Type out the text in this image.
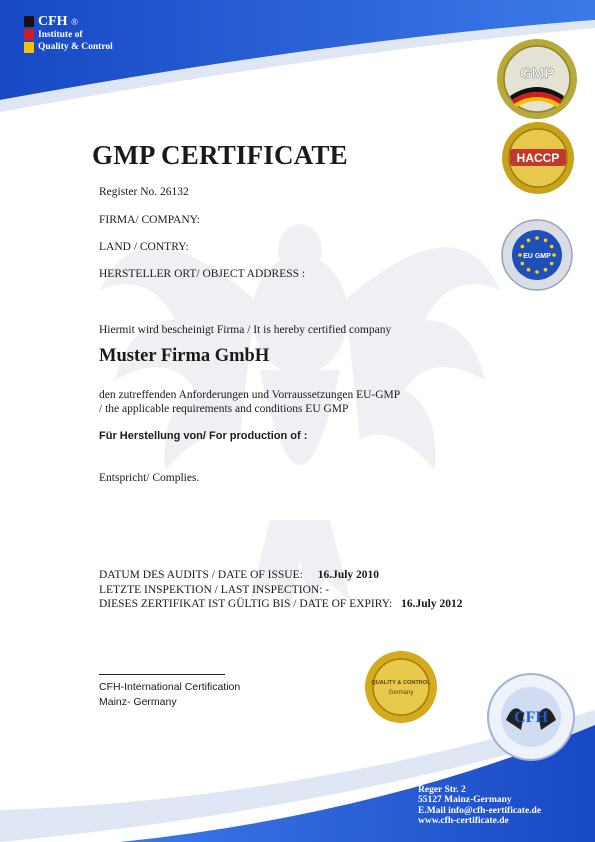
CFH ®
Institute of
Quality & Control
GMP
HACCP
EU GMP
QUALITY & CONTROL
Germany
CFH
GMP CERTIFICATE
Register No. 26132
FIRMA/ COMPANY:
LAND / CONTRY:
HERSTELLER ORT/ OBJECT ADDRESS :
Hiermit wird bescheinigt Firma / It is hereby certified company
Muster Firma GmbH
den zutreffenden Anforderungen und Vorraussetzungen EU-GMP
/ the applicable requirements and conditions EU GMP
Für Herstellung von/ For production of :
Entspricht/ Complies.
DATUM DES AUDITS / DATE OF ISSUE: 16.July 2010
LETZTE INSPEKTION / LAST INSPECTION: -
DIESES ZERTIFIKAT IST GÜLTIG BIS / DATE OF EXPIRY: 16.July 2012
CFH-International Certification
Mainz- Germany
CFH
Reger Str. 2
55127 Mainz-Germany
E.Mail info@cfh-eertificate.de
www.cfh-certificate.de
